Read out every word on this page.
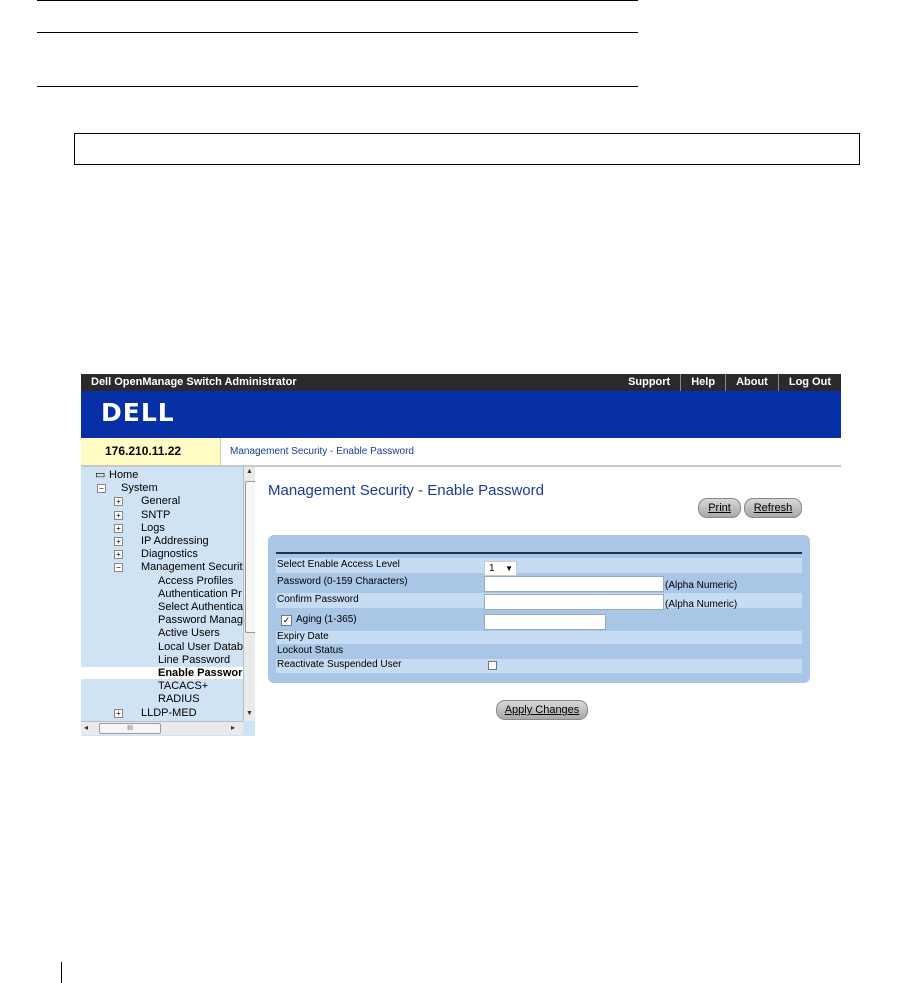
Dell OpenManage Switch Administrator	Support	Help	About	Log Out
DELL
176.210.11.22	Management Security - Enable Password
Home
▭
System
−
General
+
SNTP
+
Logs
+
IP Addressing
+
Diagnostics
+
Management Securit
−
Access Profiles
Authentication Pr
Select Authentica
Password Manag
Active Users
Local User Datab
Line Password
Enable Passwor
TACACS+
RADIUS
LLDP-MED
+
▲
▼
◂	III	▸
Management Security - Enable Password
Print	Refresh
Select Enable Access Level	1 ▼
Password (0-159 Characters)	(Alpha Numeric)
Confirm Password	(Alpha Numeric)
✓ Aging (1-365)
Expiry Date
Lockout Status
Reactivate Suspended User
Apply Changes
